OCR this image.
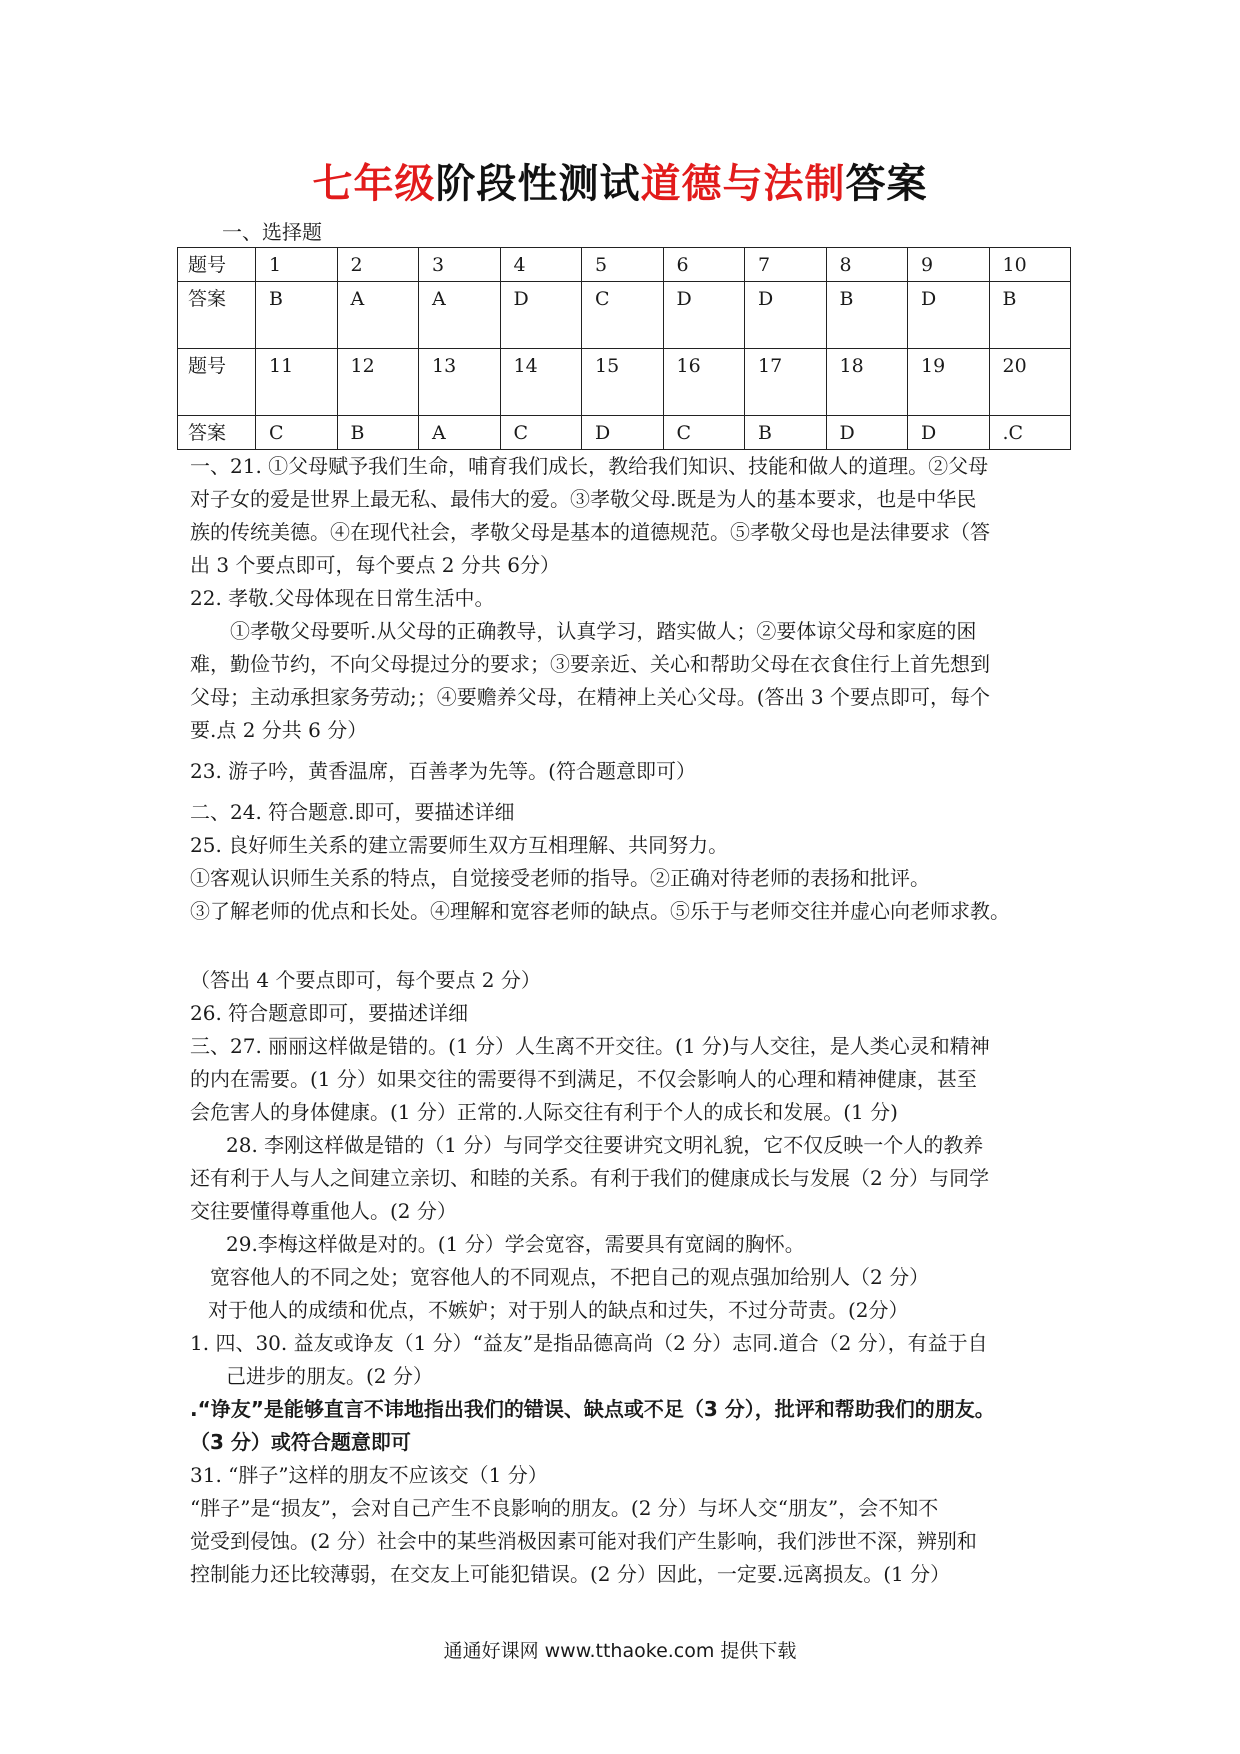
七年级阶段性测试道德与法制答案
一、选择题
题号	1	2	3	4	5	6	7	8	9	10
答案	B	A	A	D	C	D	D	B	D	B
题号	11	12	13	14	15	16	17	18	19	20
答案	C	B	A	C	D	C	B	D	D	.C

一、21. ①父母赋予我们生命，哺育我们成长，教给我们知识、技能和做人的道理。②父母

对子女的爱是世界上最无私、最伟大的爱。③孝敬父母.既是为人的基本要求，也是中华民

族的传统美德。④在现代社会，孝敬父母是基本的道德规范。⑤孝敬父母也是法律要求（答

出 3 个要点即可，每个要点 2 分共 6分）

22. 孝敬.父母体现在日常生活中。

①孝敬父母要听.从父母的正确教导，认真学习，踏实做人；②要体谅父母和家庭的困

难，勤俭节约，不向父母提过分的要求；③要亲近、关心和帮助父母在衣食住行上首先想到

父母；主动承担家务劳动;；④要赡养父母，在精神上关心父母。(答出 3 个要点即可，每个

要.点 2 分共 6 分）

23. 游子吟，黄香温席，百善孝为先等。(符合题意即可）

二、24. 符合题意.即可，要描述详细

25. 良好师生关系的建立需要师生双方互相理解、共同努力。

①客观认识师生关系的特点，自觉接受老师的指导。②正确对待老师的表扬和批评。

③了解老师的优点和长处。④理解和宽容老师的缺点。⑤乐于与老师交往并虚心向老师求教。

（答出 4 个要点即可，每个要点 2 分）

26. 符合题意即可，要描述详细

三、27. 丽丽这样做是错的。(1 分）人生离不开交往。(1 分)与人交往，是人类心灵和精神

的内在需要。(1 分）如果交往的需要得不到满足，不仅会影响人的心理和精神健康，甚至

会危害人的身体健康。(1 分）正常的.人际交往有利于个人的成长和发展。(1 分)

28. 李刚这样做是错的（1 分）与同学交往要讲究文明礼貌，它不仅反映一个人的教养

还有利于人与人之间建立亲切、和睦的关系。有利于我们的健康成长与发展（2 分）与同学

交往要懂得尊重他人。(2 分）

29.李梅这样做是对的。(1 分）学会宽容，需要具有宽阔的胸怀。

宽容他人的不同之处；宽容他人的不同观点，不把自己的观点强加给别人（2 分）

对于他人的成绩和优点，不嫉妒；对于别人的缺点和过失，不过分苛责。(2分）

1. 四、30. 益友或诤友（1 分）“益友”是指品德高尚（2 分）志同.道合（2 分），有益于自

己进步的朋友。(2 分）

.“诤友”是能够直言不讳地指出我们的错误、缺点或不足（3 分），批评和帮助我们的朋友。

（3 分）或符合题意即可

31. “胖子”这样的朋友不应该交（1 分）

“胖子”是“损友”，会对自己产生不良影响的朋友。(2 分）与坏人交“朋友”，会不知不

觉受到侵蚀。(2 分）社会中的某些消极因素可能对我们产生影响，我们涉世不深，辨别和

控制能力还比较薄弱，在交友上可能犯错误。(2 分）因此，一定要.远离损友。(1 分）

通通好课网 www.tthaoke.com 提供下载
